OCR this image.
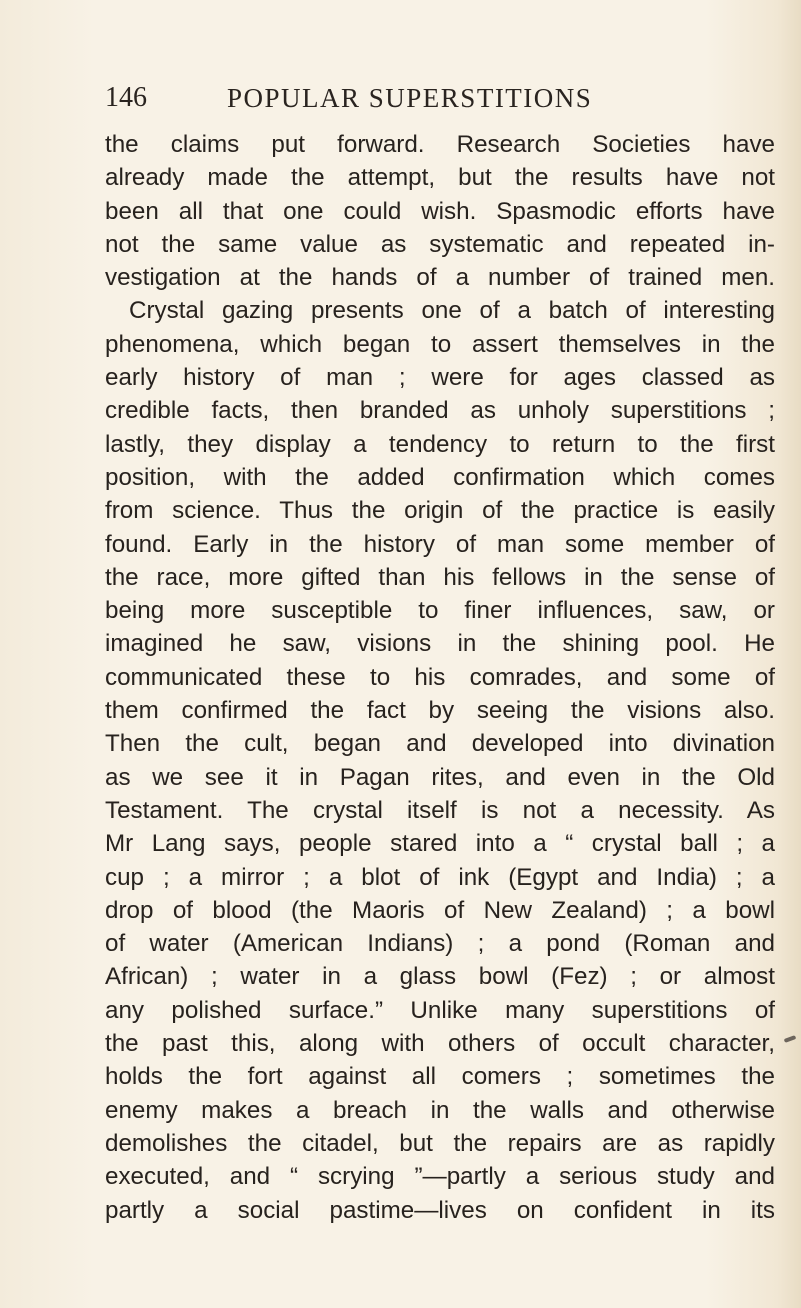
146	POPULAR SUPERSTITIONS
the claims put forward. Research Societies have
already made the attempt, but the results have not
been all that one could wish. Spasmodic efforts have
not the same value as systematic and repeated in-
vestigation at the hands of a number of trained men.
Crystal gazing presents one of a batch of interesting
phenomena, which began to assert themselves in the
early history of man ; were for ages classed as
credible facts, then branded as unholy superstitions ;
lastly, they display a tendency to return to the first
position, with the added confirmation which comes
from science. Thus the origin of the practice is easily
found. Early in the history of man some member of
the race, more gifted than his fellows in the sense of
being more susceptible to finer influences, saw, or
imagined he saw, visions in the shining pool. He
communicated these to his comrades, and some of
them confirmed the fact by seeing the visions also.
Then the cult, began and developed into divination
as we see it in Pagan rites, and even in the Old
Testament. The crystal itself is not a necessity. As
Mr Lang says, people stared into a “ crystal ball ; a
cup ; a mirror ; a blot of ink (Egypt and India) ; a
drop of blood (the Maoris of New Zealand) ; a bowl
of water (American Indians) ; a pond (Roman and
African) ; water in a glass bowl (Fez) ; or almost
any polished surface.” Unlike many superstitions of
the past this, along with others of occult character,
holds the fort against all comers ; sometimes the
enemy makes a breach in the walls and otherwise
demolishes the citadel, but the repairs are as rapidly
executed, and “ scrying ”—partly a serious study and
partly a social pastime—lives on confident in its
